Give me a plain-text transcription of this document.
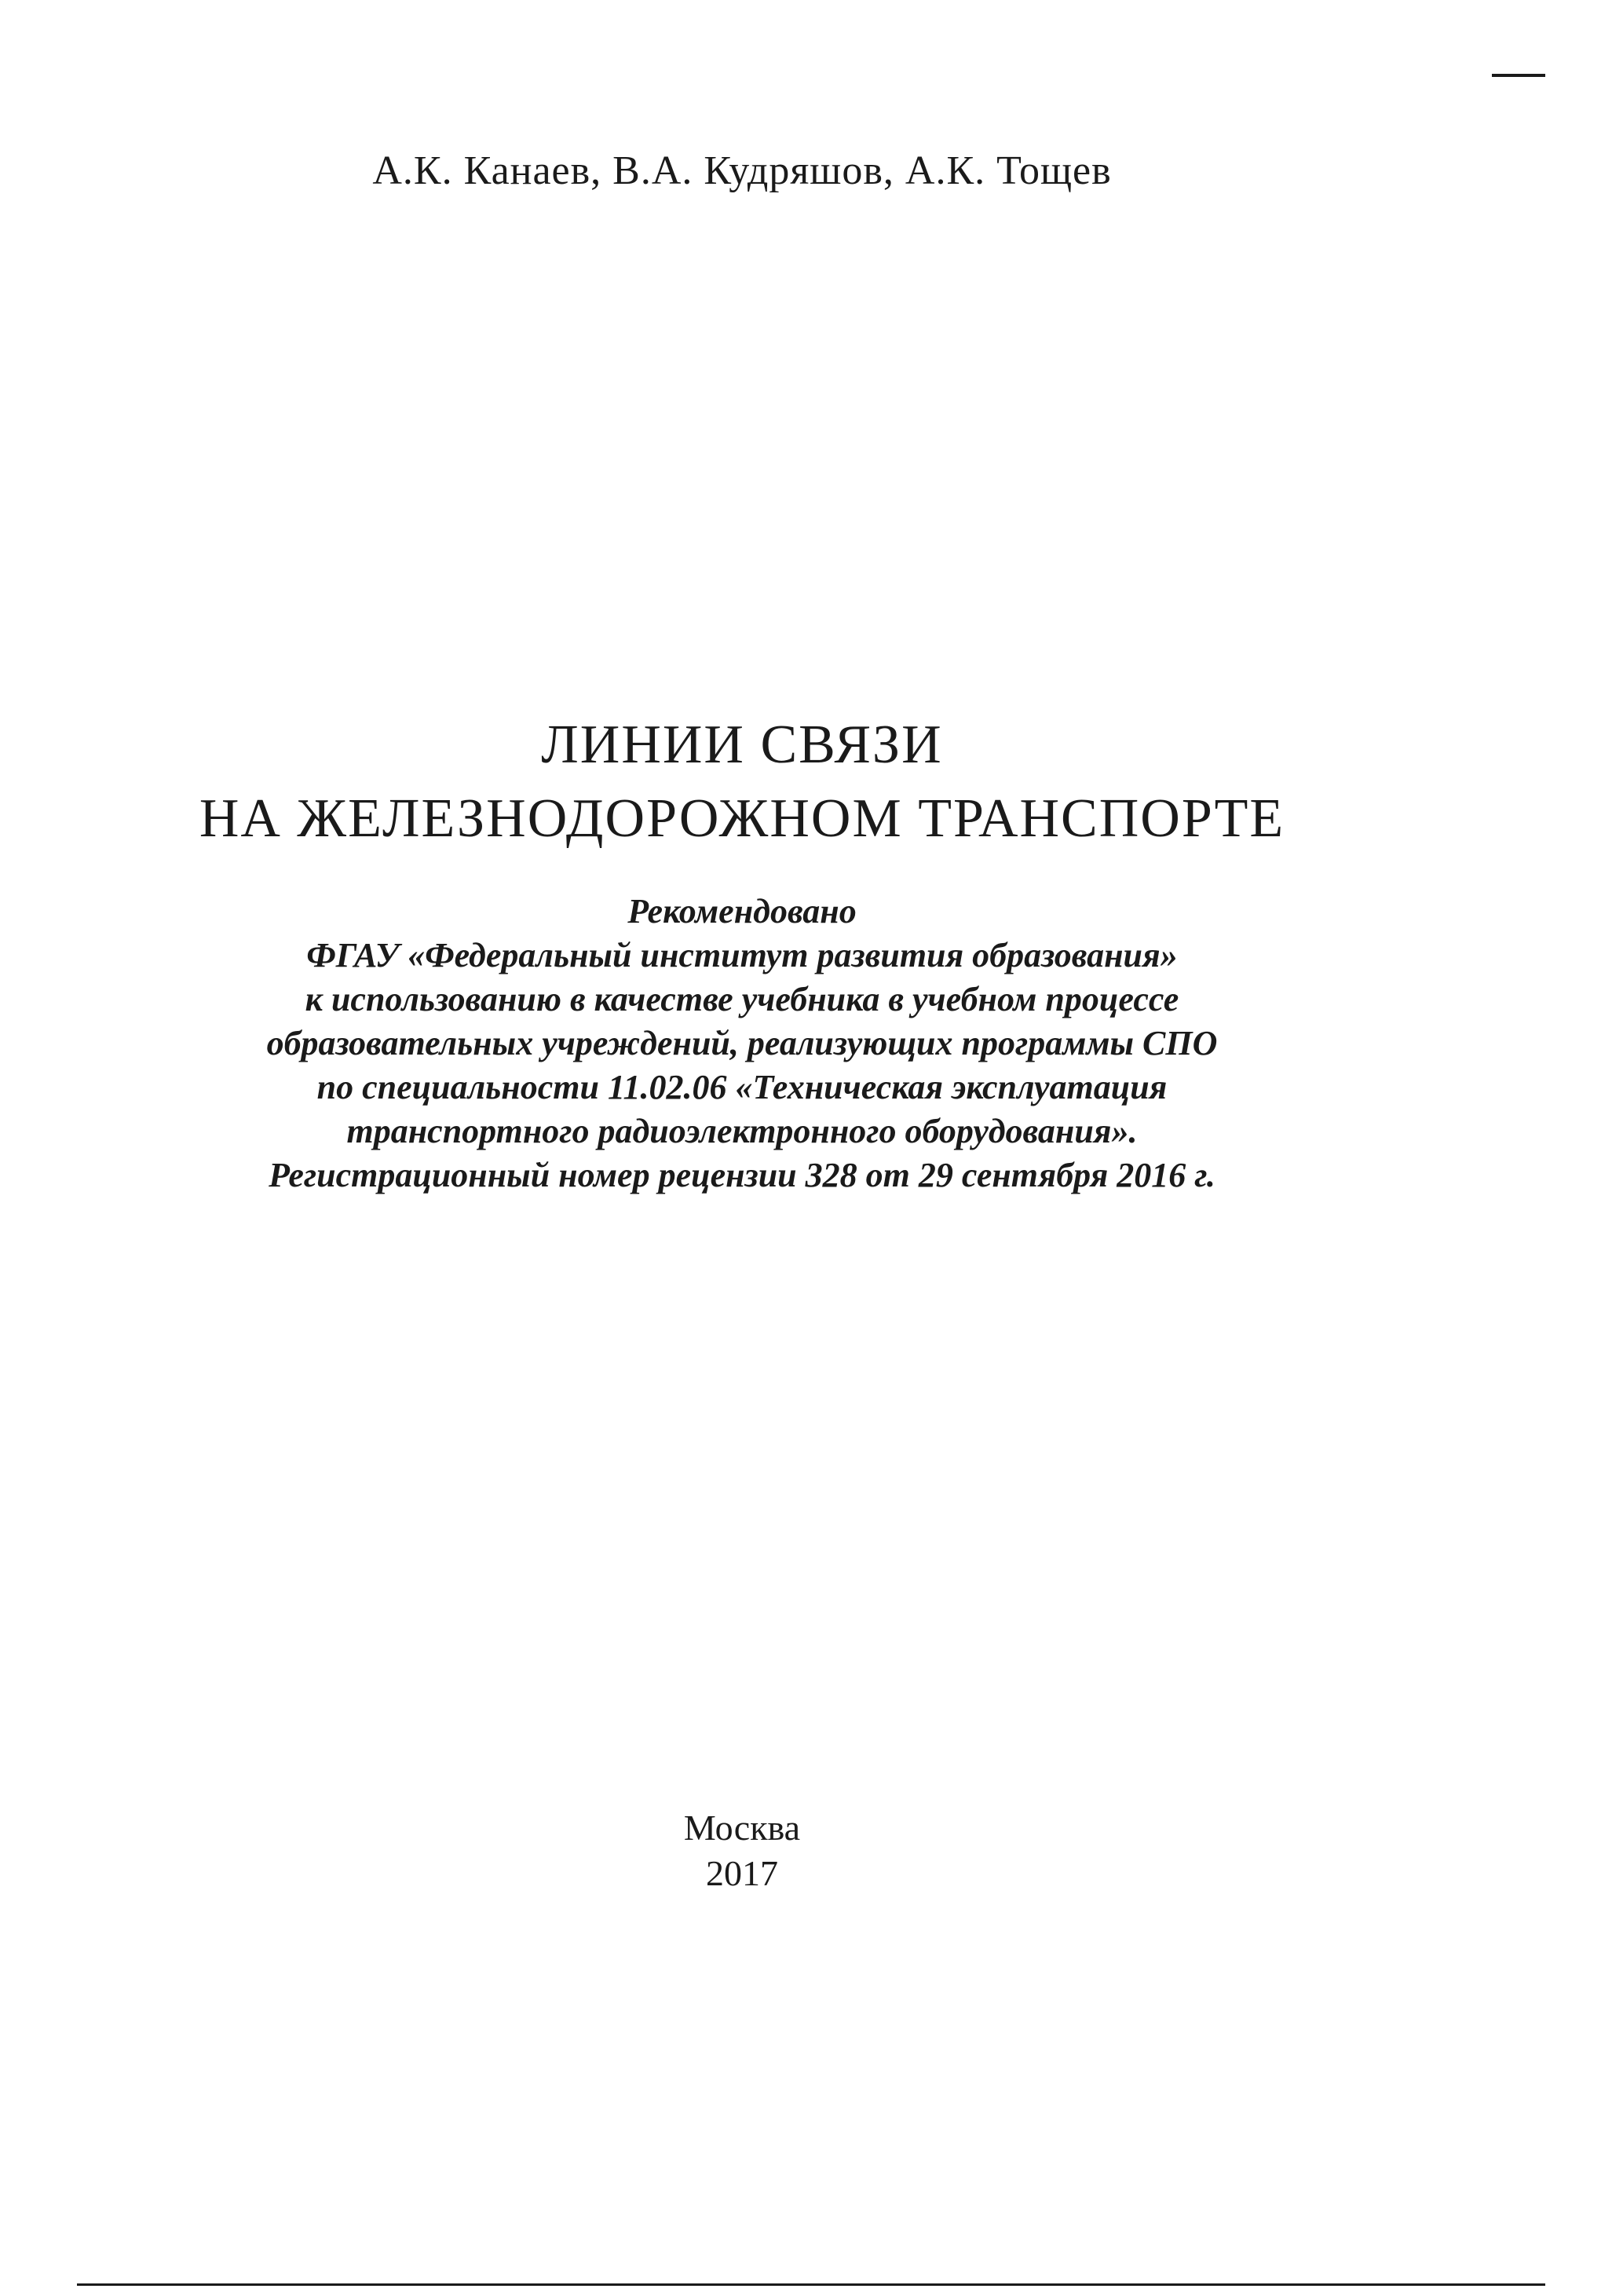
А.К. Канаев, В.А. Кудряшов, А.К. Тощев
ЛИНИИ СВЯЗИ
НА ЖЕЛЕЗНОДОРОЖНОМ ТРАНСПОРТЕ
Рекомендовано
ФГАУ «Федеральный институт развития образования»
к использованию в качестве учебника в учебном процессе
образовательных учреждений, реализующих программы СПО
по специальности 11.02.06 «Техническая эксплуатация
транспортного радиоэлектронного оборудования».
Регистрационный номер рецензии 328 от 29 сентября 2016 г.
Москва
2017
